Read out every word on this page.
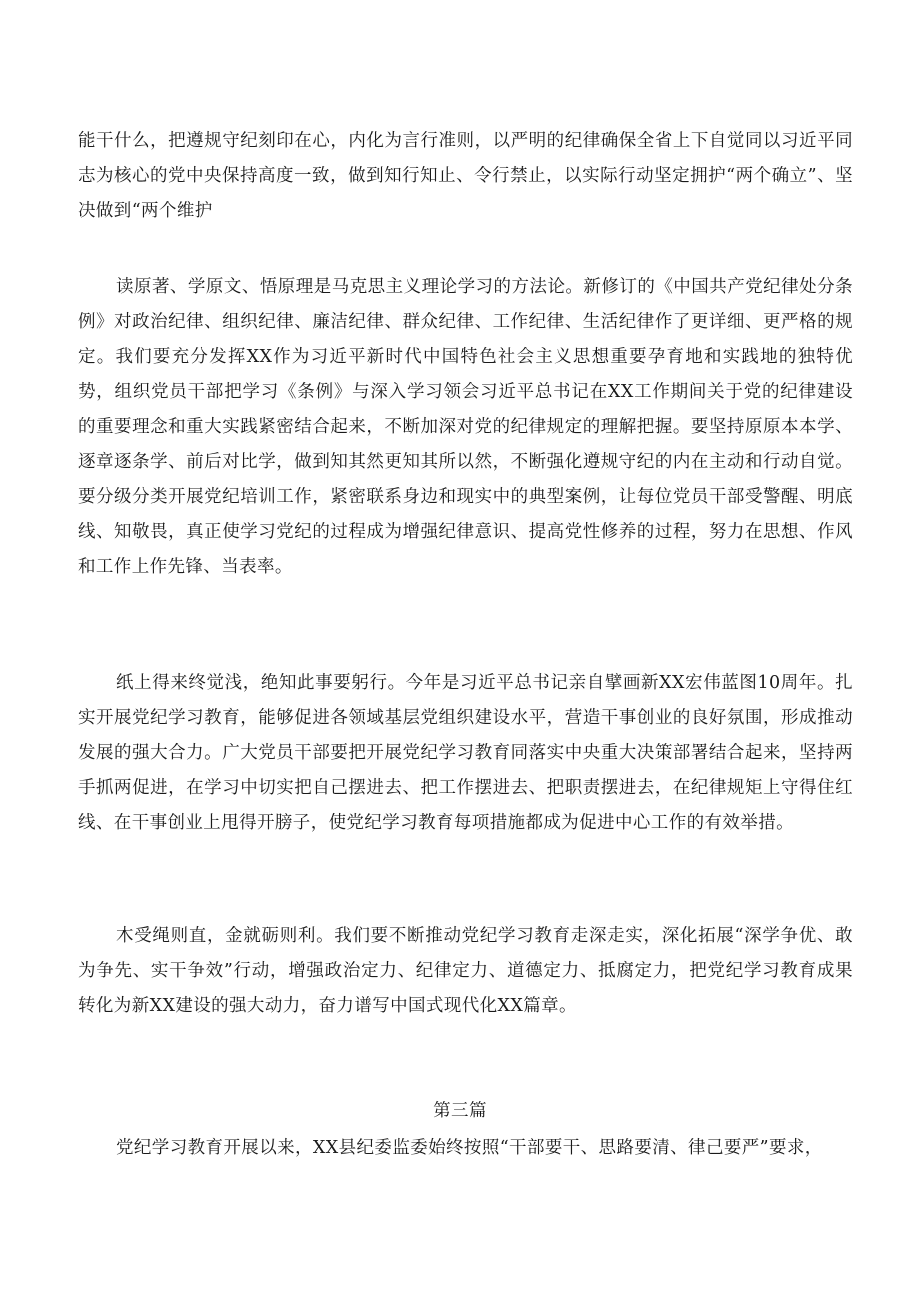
能干什么，把遵规守纪刻印在心，内化为言行准则，以严明的纪律确保全省上下自觉同以习近平同志为核心的党中央保持高度一致，做到知行知止、令行禁止，以实际行动坚定拥护“两个确立”、坚决做到“两个维护

读原著、学原文、悟原理是马克思主义理论学习的方法论。新修订的《中国共产党纪律处分条例》对政治纪律、组织纪律、廉洁纪律、群众纪律、工作纪律、生活纪律作了更详细、更严格的规定。我们要充分发挥XX作为习近平新时代中国特色社会主义思想重要孕育地和实践地的独特优势，组织党员干部把学习《条例》与深入学习领会习近平总书记在XX工作期间关于党的纪律建设的重要理念和重大实践紧密结合起来，不断加深对党的纪律规定的理解把握。要坚持原原本本学、逐章逐条学、前后对比学，做到知其然更知其所以然，不断强化遵规守纪的内在主动和行动自觉。要分级分类开展党纪培训工作，紧密联系身边和现实中的典型案例，让每位党员干部受警醒、明底线、知敬畏，真正使学习党纪的过程成为增强纪律意识、提高党性修养的过程，努力在思想、作风和工作上作先锋、当表率。

纸上得来终觉浅，绝知此事要躬行。今年是习近平总书记亲自擘画新XX宏伟蓝图10周年。扎实开展党纪学习教育，能够促进各领域基层党组织建设水平，营造干事创业的良好氛围，形成推动发展的强大合力。广大党员干部要把开展党纪学习教育同落实中央重大决策部署结合起来，坚持两手抓两促进，在学习中切实把自己摆进去、把工作摆进去、把职责摆进去，在纪律规矩上守得住红线、在干事创业上甩得开膀子，使党纪学习教育每项措施都成为促进中心工作的有效举措。

木受绳则直，金就砺则利。我们要不断推动党纪学习教育走深走实，深化拓展“深学争优、敢为争先、实干争效”行动，增强政治定力、纪律定力、道德定力、抵腐定力，把党纪学习教育成果转化为新XX建设的强大动力，奋力谱写中国式现代化XX篇章。

第三篇

党纪学习教育开展以来，XX县纪委监委始终按照“干部要干、思路要清、律己要严”要求，
